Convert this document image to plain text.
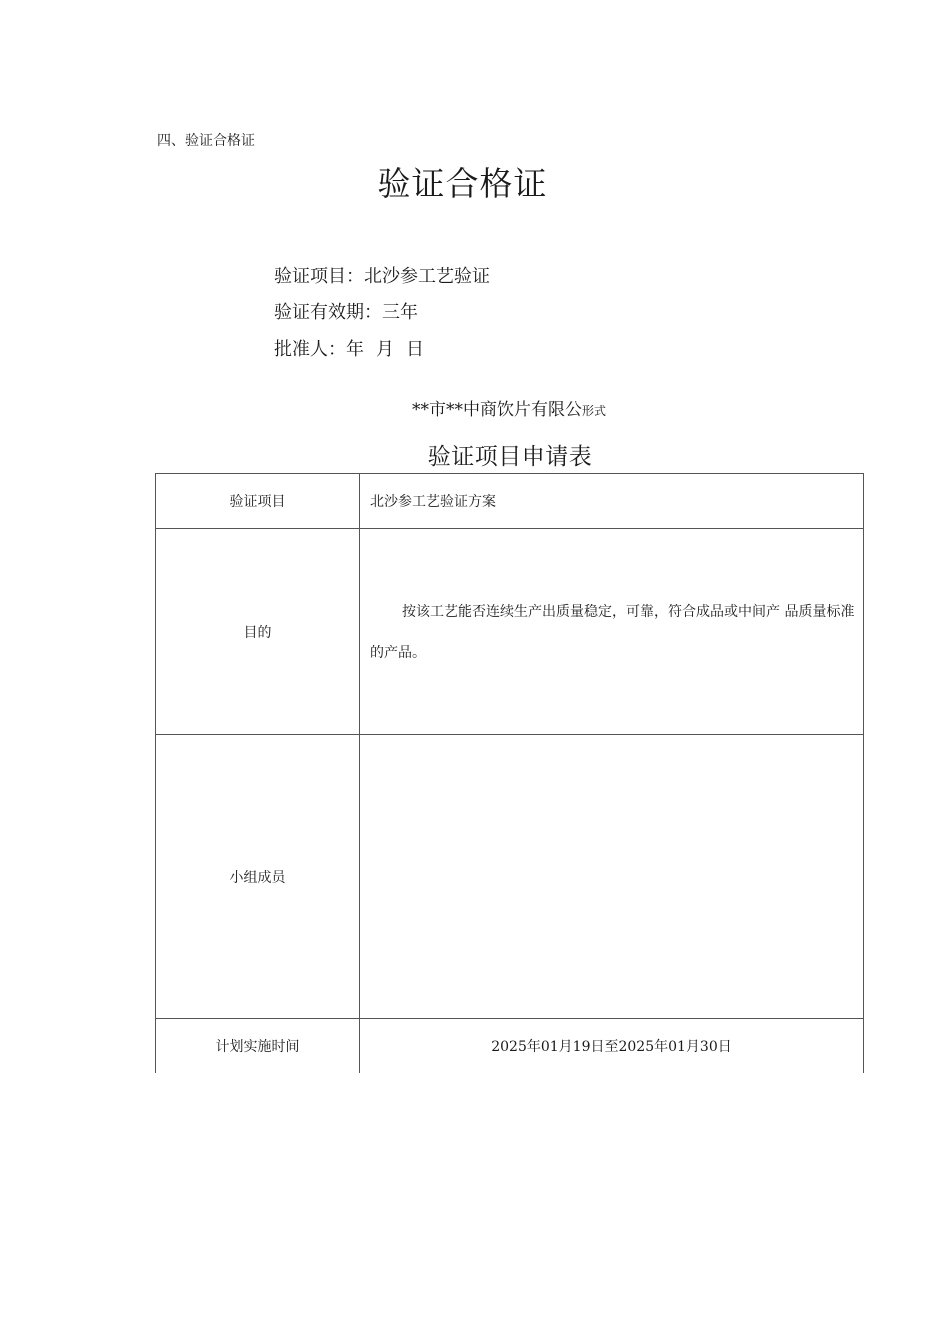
四、验证合格证
验证合格证
验证项目：北沙参工艺验证
验证有效期：三年
批准人：年 月 日
**市**中商饮片有限公形式
验证项目申请表
验证项目	北沙参工艺验证方案
目的	按该工艺能否连续生产出质量稳定，可靠，符合成品或中间产 品质量标准的产品。

小组成员	
计划实施时间	2025年01月19日至2025年01月30日
